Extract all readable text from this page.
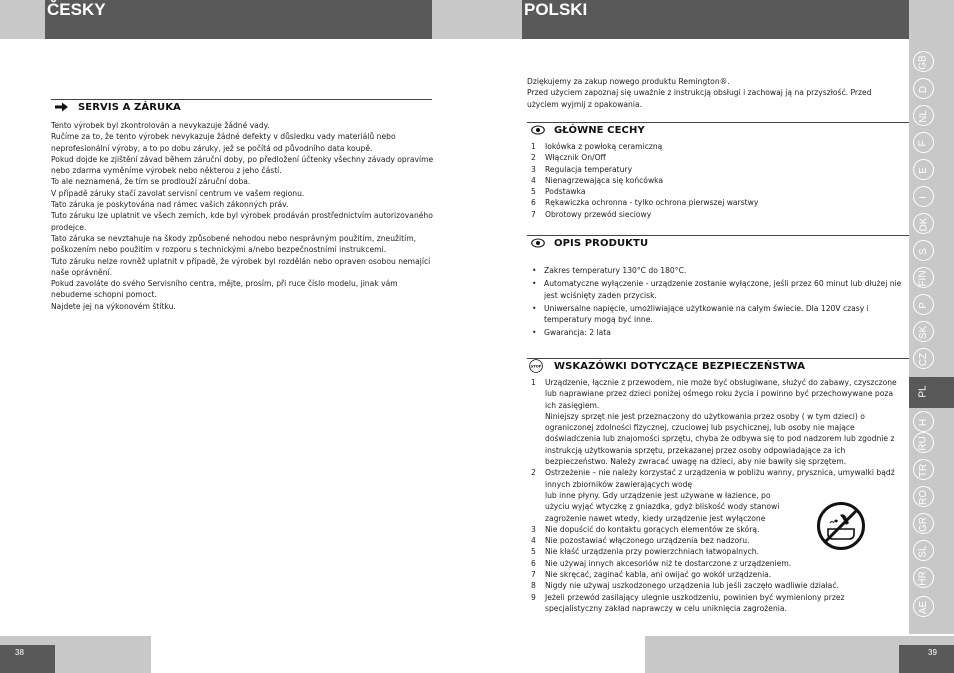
ČESKY
SERVIS A ZÁRUKA

Tento výrobek byl zkontrolován a nevykazuje žádné vady.

Ručíme za to, že tento výrobek nevykazuje žádné defekty v důsledku vady materiálů nebo neprofesionální výroby, a to po dobu záruky, jež se počítá od původního data koupě.

Pokud dojde ke zjištění závad během záruční doby, po předložení účtenky všechny závady opravíme nebo zdarma vyměníme výrobek nebo některou z jeho částí.

To ale neznamená, že tím se prodlouží záruční doba.

V případě záruky stačí zavolat servisní centrum ve vašem regionu.

Tato záruka je poskytována nad rámec vašich zákonných práv.

Tuto záruku lze uplatnit ve všech zemích, kde byl výrobek prodáván prostřednictvím autorizovaného prodejce.

Tato záruka se nevztahuje na škody způsobené nehodou nebo nesprávným použitím, zneužitím, poškozením nebo použitím v rozporu s technickými a/nebo bezpečnostními instrukcemi.

Tuto záruku nelze rovněž uplatnit v případě, že výrobek byl rozdělán nebo opraven osobou nemající naše oprávnění.

Pokud zavoláte do svého Servisního centra, mějte, prosím, při ruce číslo modelu, jinak vám nebudeme schopni pomoct.

Najdete jej na výkonovém štítku.

38
POLSKI

Dziękujemy za zakup nowego produktu Remington®.

Przed użyciem zapoznaj się uważnie z instrukcją obsługi i zachowaj ją na przyszłość. Przed użyciem wyjmij z opakowania.

GŁÓWNE CECHY
1 Iokówka z powłoką ceramiczną
2 Włącznik On/Off
3 Regulacja temperatury
4 Nienagrzewająca się końcówka
5 Podstawka
6 Rękawiczka ochronna - tylko ochrona pierwszej warstwy
7 Obrotowy przewód sieciowy
OPIS PRODUKTU
• Zakres temperatury 130°C do 180°C.
• Automatyczne wyłączenie - urządzenie zostanie wyłączone, jeśli przez 60 minut lub dłużej nie jest wciśnięty zaden przycisk.
• Uniwersalne napięcie, umożliwiające użytkowanie na całym świecie. Dla 120V czasy i temperatury mogą być inne.
• Gwarancja: 2 lata
STOP WSKAZÓWKI DOTYCZĄCE BEZPIECZEŃSTWA
1 Urządzenie, łącznie z przewodem, nie może być obsługiwane, służyć do zabawy, czyszczone lub naprawiane przez dzieci poniżej ośmego roku życia i powinno być przechowywane poza ich zasięgiem.
Niniejszy sprzęt nie jest przeznaczony do użytkowania przez osoby ( w tym dzieci) o ograniczonej zdolności fizycznej, czuciowej lub psychicznej, lub osoby nie mające doświadczenia lub znajomości sprzętu, chyba że odbywa się to pod nadzorem lub zgodnie z instrukcją użytkowania sprzętu, przekazanej przez osoby odpowiadające za ich bezpieczeństwo. Należy zwracać uwagę na dzieci, aby nie bawiły się sprzętem.
2 Ostrzeżenie – nie należy korzystać z urządzenia w pobliżu wanny, prysznica, umywalki bądź innych zbiorników zawierających wodę
lub inne płyny. Gdy urządzenie jest używane w łazience, po
użyciu wyjąć wtyczkę z gniazdka, gdyż bliskość wody stanowi
zagrożenie nawet wtedy, kiedy urządzenie jest wyłączone
3 Nie dopuścić do kontaktu gorących elementów ze skórą.
4 Nie pozostawiać włączonego urządzenia bez nadzoru.
5 Nie kłaść urządzenia przy powierzchniach łatwopalnych.
6 Nie używaj innych akcesoriów niż te dostarczone z urządzeniem.
7 Nie skręcać, zaginać kabla, ani owijać go wokół urządzenia.
8 Nigdy nie używaj uszkodzonego urządzenia lub jeśli zaczęło wadliwie działać.
9 Jeżeli przewód zasilający ulegnie uszkodzeniu, powinien być wymieniony przez specjalistyczny zakład naprawczy w celu uniknięcia zagrożenia.
GB
D
NL
F
E
I
DK
S
FIN
P
SK
CZ
PL
H
RU
TR
RO
GR
SL
HR
AE
39
